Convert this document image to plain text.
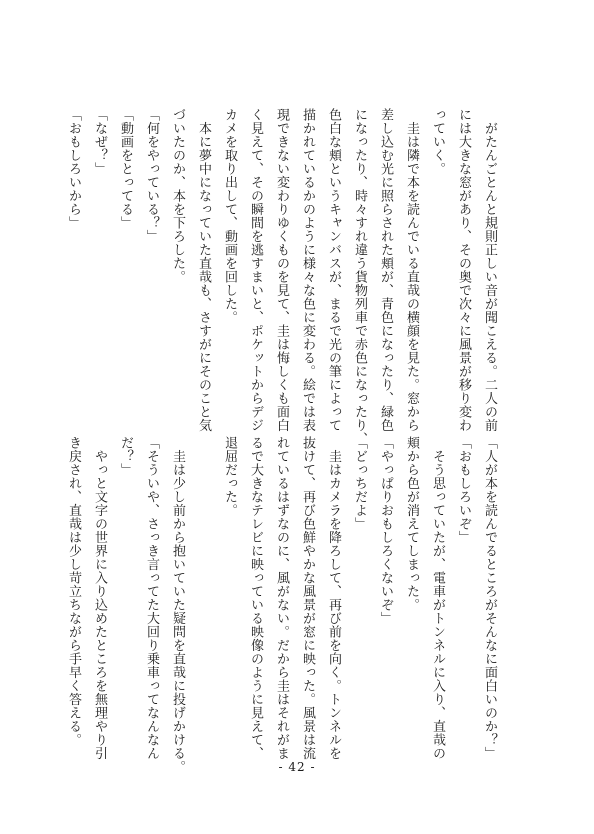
　がたんごとんと規則正しい音が聞こえる。二人の前
には大きな窓があり、その奥で次々に風景が移り変わ
っていく。
　圭は隣で本を読んでいる直哉の横顔を見た。窓から
差し込む光に照らされた頬が、青色になったり、緑色
になったり、時々すれ違う貨物列車で赤色になったり、
色白な頬というキャンバスが、まるで光の筆によって
描かれているかのように様々な色に変わる。絵では表
現できない変わりゆくものを見て、圭は悔しくも面白
く見えて、その瞬間を逃すまいと、ポケットからデジ
カメを取り出して、動画を回した。
　本に夢中になっていた直哉も、さすがにそのこと気
づいたのか、本を下ろした。
「何をやっている？」
「動画をとってる」
「なぜ？」
「おもしろいから」
「人が本を読んでるところがそんなに面白いのか？」
「おもしろいぞ」
　そう思っていたが、電車がトンネルに入り、直哉の
頬から色が消えてしまった。
「やっぱりおもしろくないぞ」
「どっちだよ」
　圭はカメラを降ろして、再び前を向く。トンネルを
抜けて、再び色鮮やかな風景が窓に映った。風景は流
れているはずなのに、風がない。だから圭はそれがま
るで大きなテレビに映っている映像のように見えて、
退屈だった。

　圭は少し前から抱いていた疑問を直哉に投げかける。
「そういや、さっき言ってた大回り乗車ってなんなん
だ？」
　やっと文字の世界に入り込めたところを無理やり引
き戻され、直哉は少し苛立ちながら手早く答える。
- 42 -
